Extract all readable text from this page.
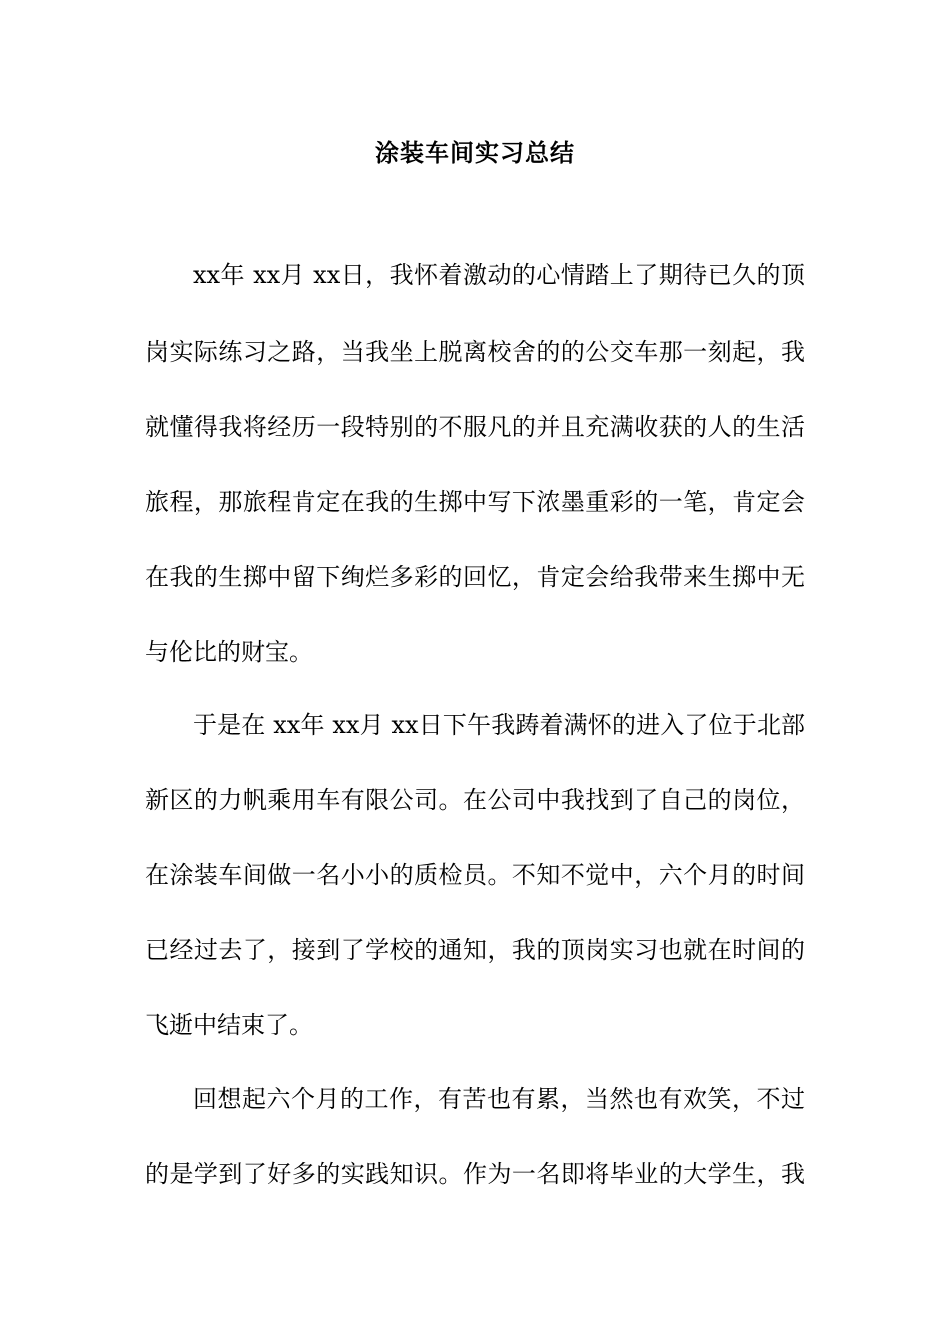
涂装车间实习总结
xx年 xx月 xx日，我怀着激动的心情踏上了期待已久的顶
岗实际练习之路，当我坐上脱离校舍的的公交车那一刻起，我
就懂得我将经历一段特别的不服凡的并且充满收获的人的生活
旅程，那旅程肯定在我的生掷中写下浓墨重彩的一笔，肯定会
在我的生掷中留下绚烂多彩的回忆，肯定会给我带来生掷中无
与伦比的财宝。
于是在 xx年 xx月 xx日下午我踌着满怀的进入了位于北部
新区的力帆乘用车有限公司。在公司中我找到了自己的岗位，
在涂装车间做一名小小的质检员。不知不觉中，六个月的时间
已经过去了，接到了学校的通知，我的顶岗实习也就在时间的
飞逝中结束了。
回想起六个月的工作，有苦也有累，当然也有欢笑，不过
的是学到了好多的实践知识。作为一名即将毕业的大学生，我
